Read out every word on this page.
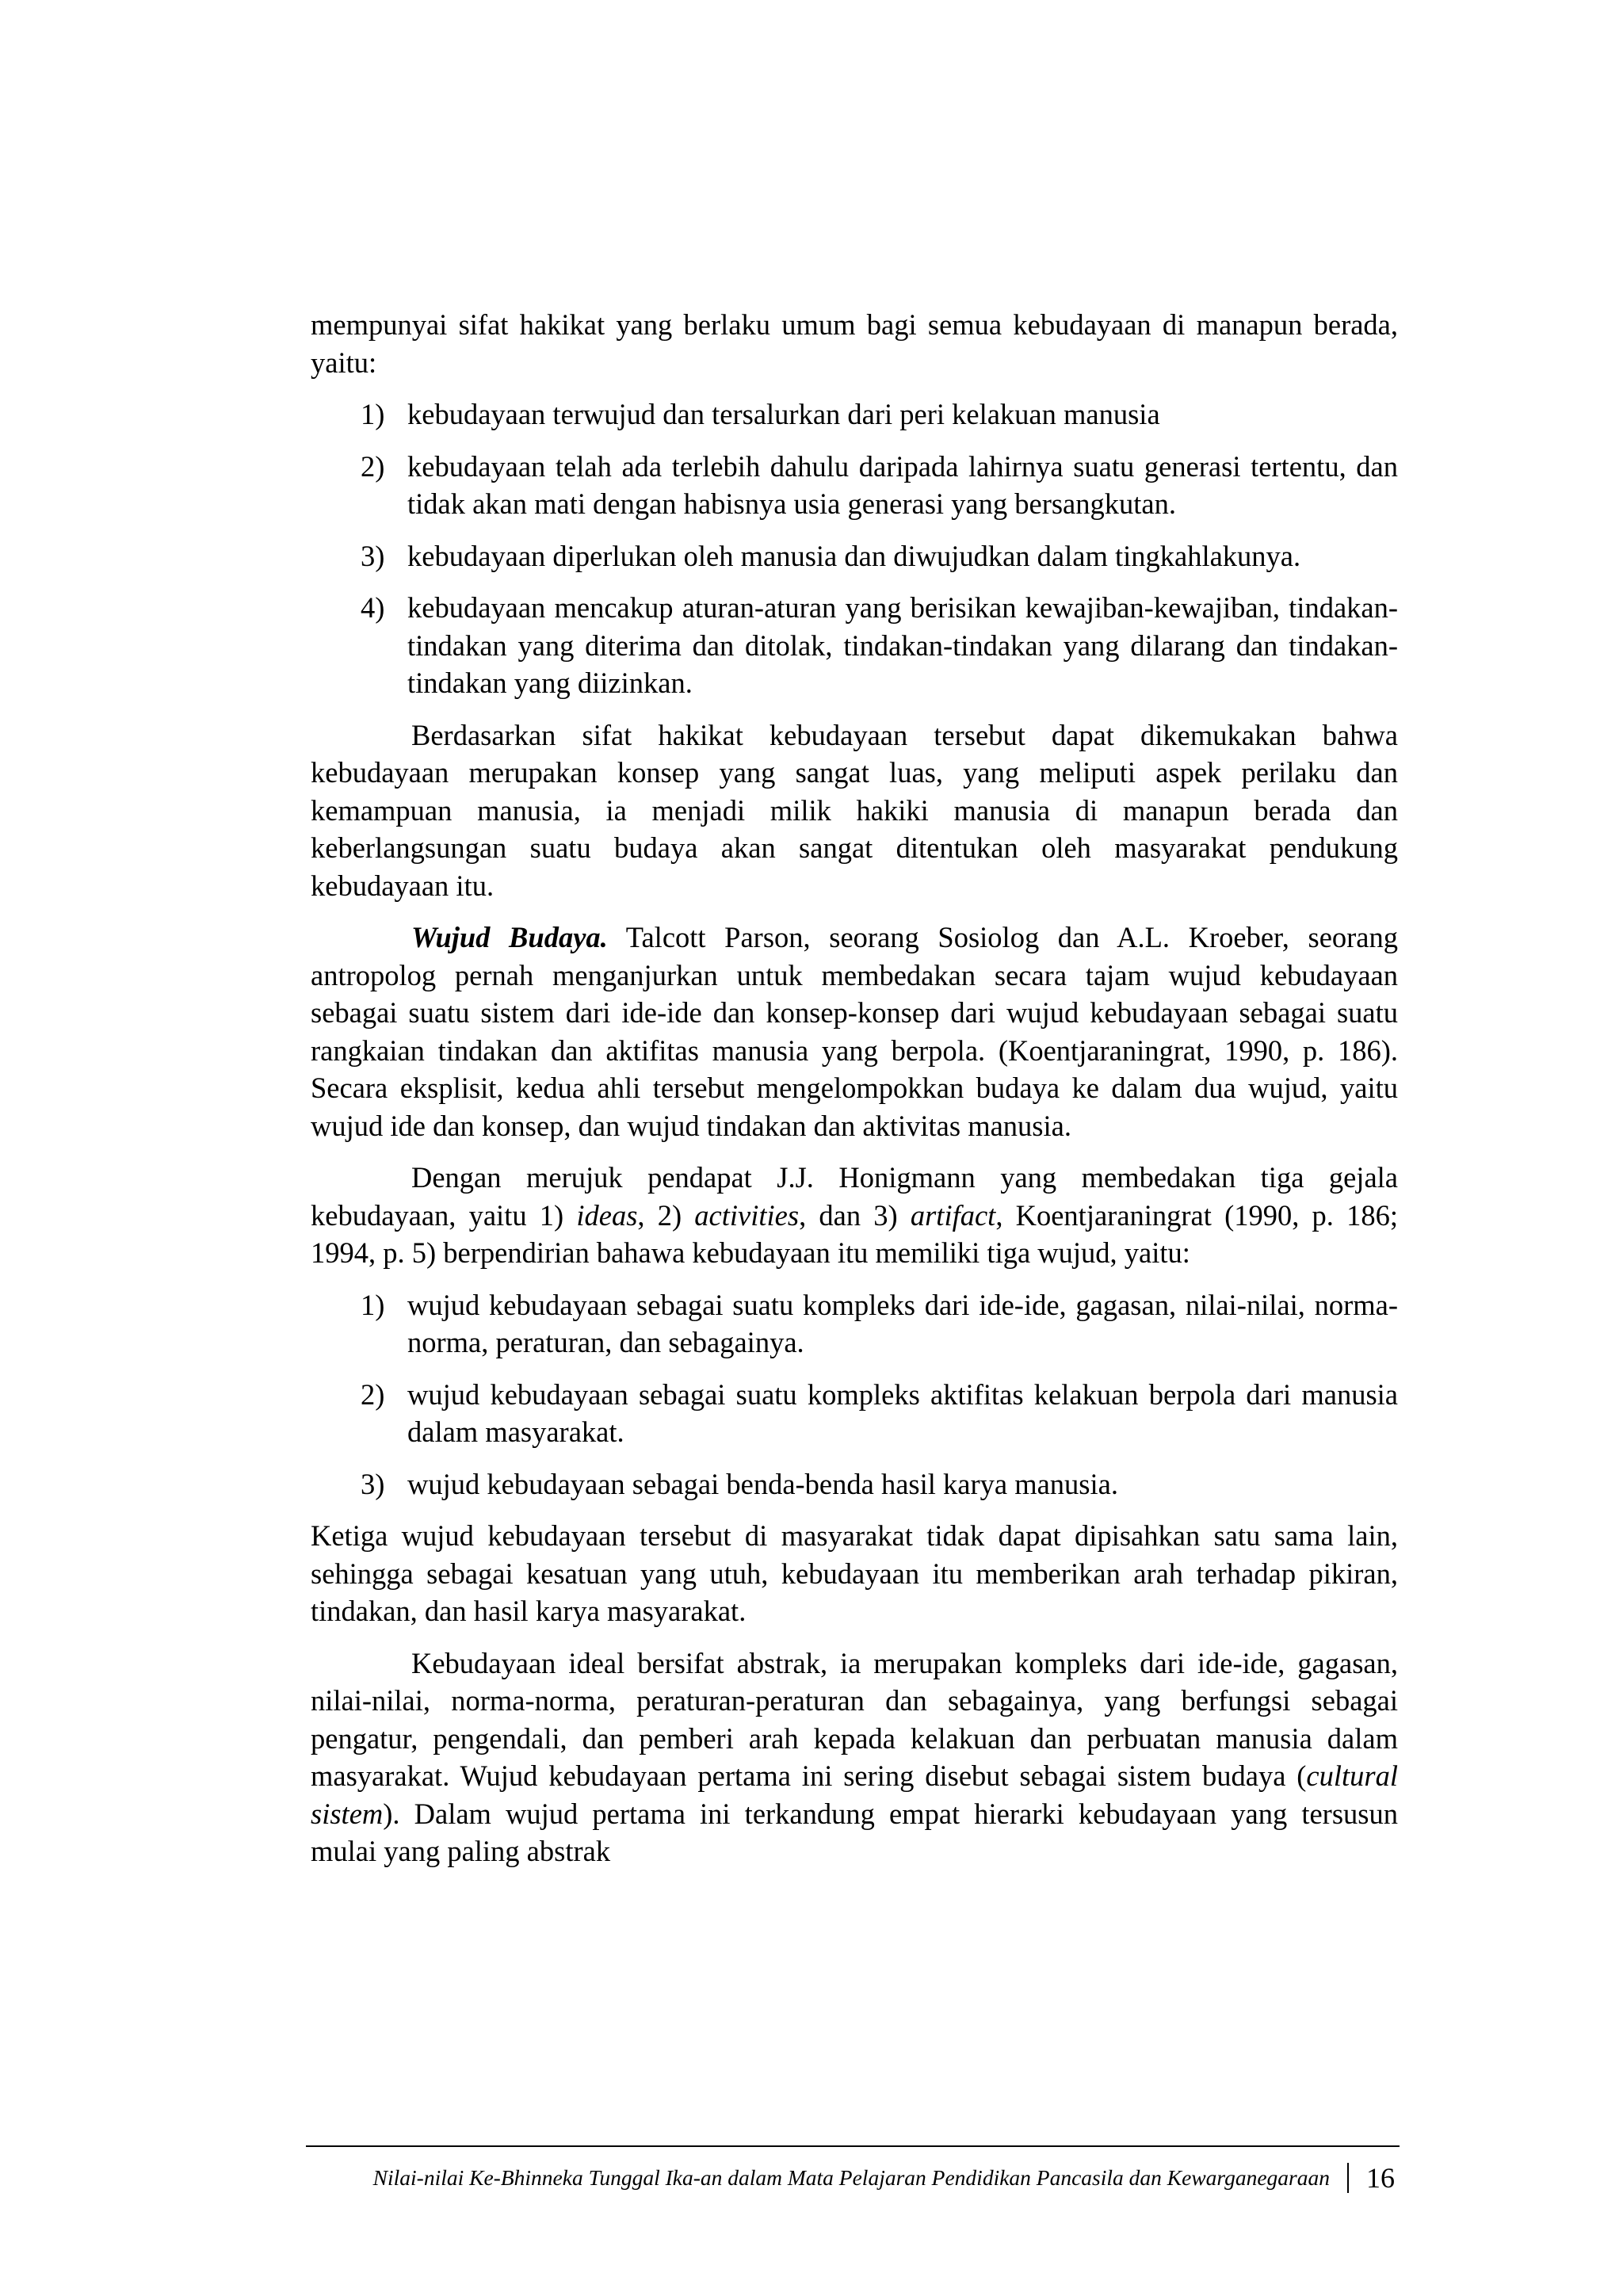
mempunyai sifat hakikat yang berlaku umum bagi semua kebudayaan di manapun berada, yaitu:

1) kebudayaan terwujud dan tersalurkan dari peri kelakuan manusia
2) kebudayaan telah ada terlebih dahulu daripada lahirnya suatu generasi tertentu, dan tidak akan mati dengan habisnya usia generasi yang bersangkutan.
3) kebudayaan diperlukan oleh manusia dan diwujudkan dalam tingkahlakunya.
4) kebudayaan mencakup aturan-aturan yang berisikan kewajiban-kewajiban, tindakan-tindakan yang diterima dan ditolak, tindakan-tindakan yang dilarang dan tindakan-tindakan yang diizinkan.

Berdasarkan sifat hakikat kebudayaan tersebut dapat dikemukakan bahwa kebudayaan merupakan konsep yang sangat luas, yang meliputi aspek perilaku dan kemampuan manusia, ia menjadi milik hakiki manusia di manapun berada dan keberlangsungan suatu budaya akan sangat ditentukan oleh masyarakat pendukung kebudayaan itu.

Wujud Budaya. Talcott Parson, seorang Sosiolog dan A.L. Kroeber, seorang antropolog pernah menganjurkan untuk membedakan secara tajam wujud kebudayaan sebagai suatu sistem dari ide-ide dan konsep-konsep dari wujud kebudayaan sebagai suatu rangkaian tindakan dan aktifitas manusia yang berpola. (Koentjaraningrat, 1990, p. 186). Secara eksplisit, kedua ahli tersebut mengelompokkan budaya ke dalam dua wujud, yaitu wujud ide dan konsep, dan wujud tindakan dan aktivitas manusia.

Dengan merujuk pendapat J.J. Honigmann yang membedakan tiga gejala kebudayaan, yaitu 1) ideas, 2) activities, dan 3) artifact, Koentjaraningrat (1990, p. 186; 1994, p. 5) berpendirian bahawa kebudayaan itu memiliki tiga wujud, yaitu:

1) wujud kebudayaan sebagai suatu kompleks dari ide-ide, gagasan, nilai-nilai, norma-norma, peraturan, dan sebagainya.
2) wujud kebudayaan sebagai suatu kompleks aktifitas kelakuan berpola dari manusia dalam masyarakat.
3) wujud kebudayaan sebagai benda-benda hasil karya manusia.

Ketiga wujud kebudayaan tersebut di masyarakat tidak dapat dipisahkan satu sama lain, sehingga sebagai kesatuan yang utuh, kebudayaan itu memberikan arah terhadap pikiran, tindakan, dan hasil karya masyarakat.

Kebudayaan ideal bersifat abstrak, ia merupakan kompleks dari ide-ide, gagasan, nilai-nilai, norma-norma, peraturan-peraturan dan sebagainya, yang berfungsi sebagai pengatur, pengendali, dan pemberi arah kepada kelakuan dan perbuatan manusia dalam masyarakat. Wujud kebudayaan pertama ini sering disebut sebagai sistem budaya (cultural sistem). Dalam wujud pertama ini terkandung empat hierarki kebudayaan yang tersusun mulai yang paling abstrak

Nilai-nilai Ke-Bhinneka Tunggal Ika-an dalam Mata Pelajaran Pendidikan Pancasila dan Kewarganegaraan 16
